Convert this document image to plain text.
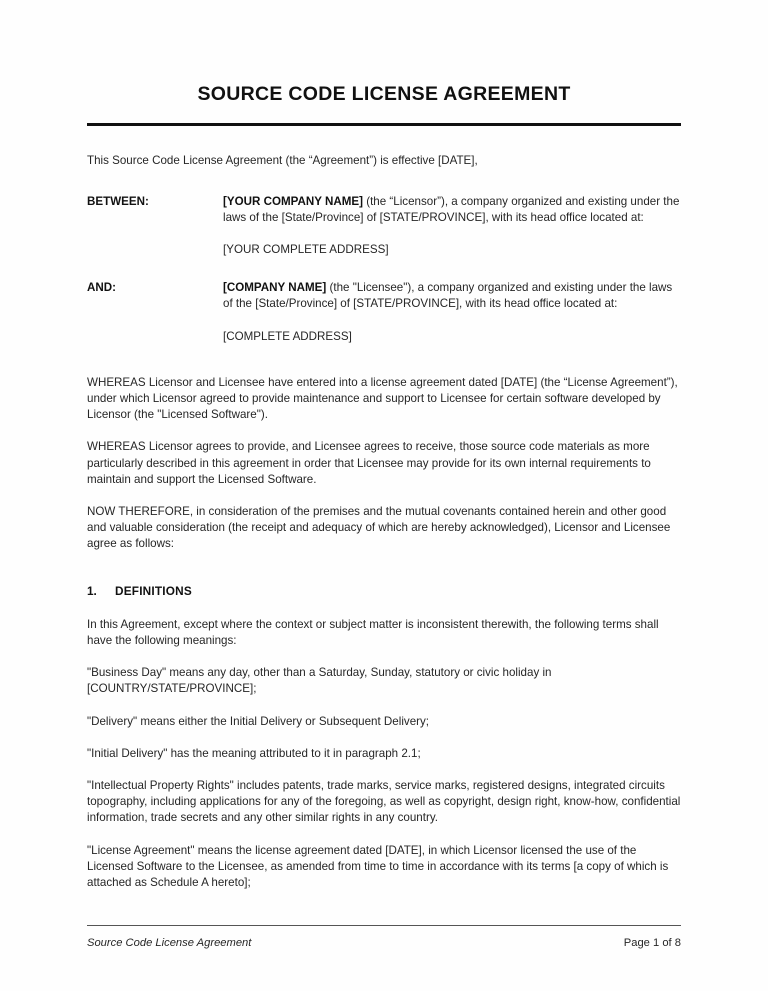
SOURCE CODE LICENSE AGREEMENT

This Source Code License Agreement (the “Agreement”) is effective [DATE],

BETWEEN:	[YOUR COMPANY NAME] (the “Licensor”), a company organized and existing under the laws of the [State/Province] of [STATE/PROVINCE], with its head office located at:
[YOUR COMPLETE ADDRESS]
AND:	[COMPANY NAME] (the "Licensee"), a company organized and existing under the laws of the [State/Province] of [STATE/PROVINCE], with its head office located at:
[COMPLETE ADDRESS]

WHEREAS Licensor and Licensee have entered into a license agreement dated [DATE] (the “License Agreement”), under which Licensor agreed to provide maintenance and support to Licensee for certain software developed by Licensor (the "Licensed Software").

WHEREAS Licensor agrees to provide, and Licensee agrees to receive, those source code materials as more particularly described in this agreement in order that Licensee may provide for its own internal requirements to maintain and support the Licensed Software.

NOW THEREFORE, in consideration of the premises and the mutual covenants contained herein and other good and valuable consideration (the receipt and adequacy of which are hereby acknowledged), Licensor and Licensee agree as follows:

1.	DEFINITIONS

In this Agreement, except where the context or subject matter is inconsistent therewith, the following terms shall have the following meanings:

"Business Day" means any day, other than a Saturday, Sunday, statutory or civic holiday in [COUNTRY/STATE/PROVINCE];

"Delivery" means either the Initial Delivery or Subsequent Delivery;

"Initial Delivery" has the meaning attributed to it in paragraph 2.1;

"Intellectual Property Rights" includes patents, trade marks, service marks, registered designs, integrated circuits topography, including applications for any of the foregoing, as well as copyright, design right, know-how, confidential information, trade secrets and any other similar rights in any country.

"License Agreement" means the license agreement dated [DATE], in which Licensor licensed the use of the Licensed Software to the Licensee, as amended from time to time in accordance with its terms [a copy of which is attached as Schedule A hereto];

Source Code License Agreement	Page 1 of 8
